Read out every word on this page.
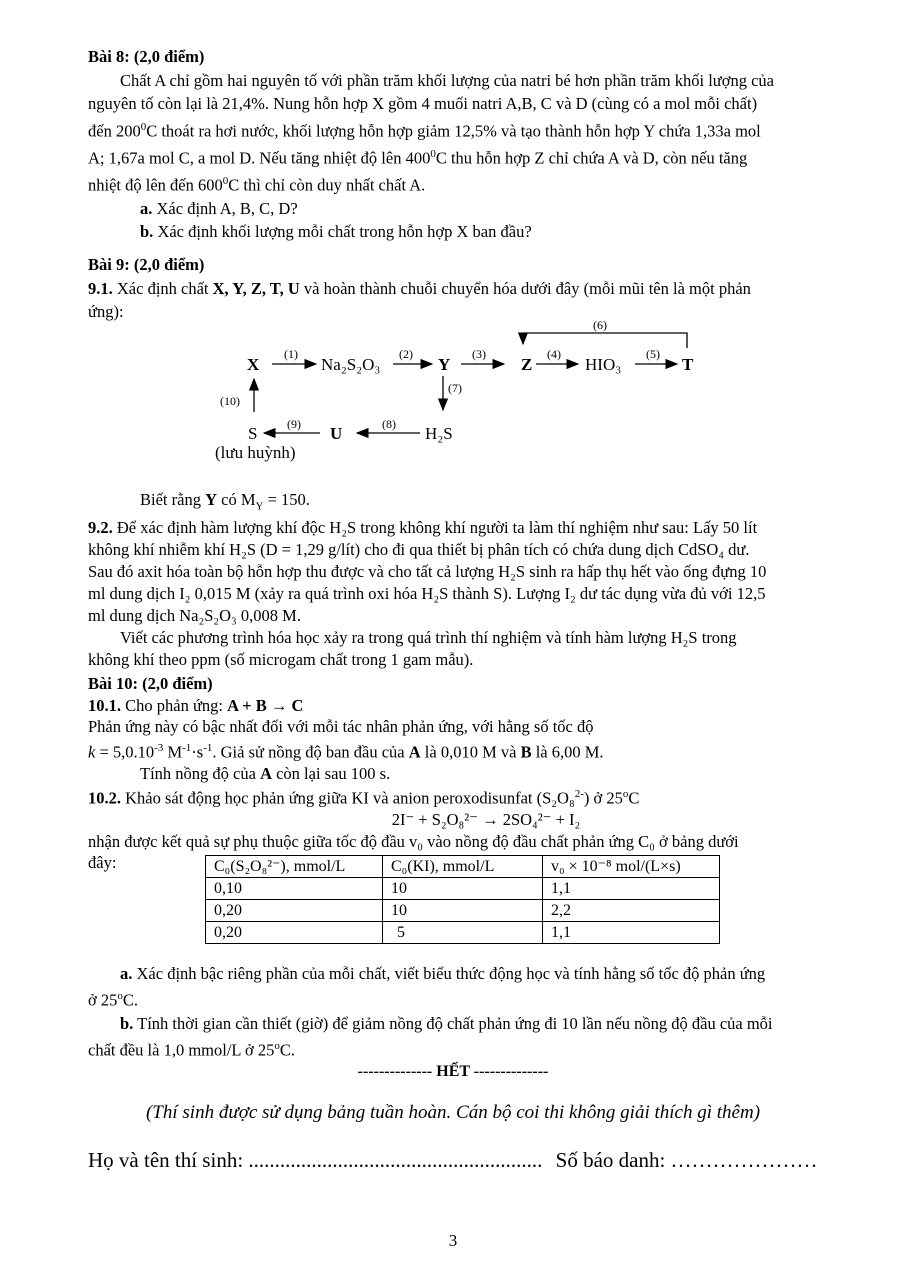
Bài 8: (2,0 điểm)

Chất A chỉ gồm hai nguyên tố với phần trăm khối lượng của natri bé hơn phần trăm khối lượng của

nguyên tố còn lại là 21,4%. Nung hỗn hợp X gồm 4 muối natri A,B, C và D (cùng có a mol mỗi chất)

đến $200^0C$ thoát ra hơi nước, khối lượng hỗn hợp giảm 12,5% và tạo thành hỗn hợp Y chứa 1,33a mol

A; 1,67a mol C, a mol D. Nếu tăng nhiệt độ lên $400^0C$ thu hỗn hợp Z chỉ chứa A và D, còn nếu tăng

nhiệt độ lên đến $600^0C$ thì chỉ còn duy nhất chất A.

a. Xác định A, B, C, D?

b. Xác định khối lượng mỗi chất trong hỗn hợp X ban đầu?

Bài 9: (2,0 điểm)

9.1. Xác định chất X, Y, Z, T, U và hoàn thành chuỗi chuyển hóa dưới đây (mỗi mũi tên là một phản

ứng):

X
(1)
Na₂S₂O₃
(2)
Y
(3)
Z
(4)
HIO₃
(5)
T
(6)
(7)
H₂S
(8)
U
(9)
S
(lưu huỳnh)
(10)

Biết rằng Y có $M_Y = 150$.

9.2. Để xác định hàm lượng khí độc H₂S trong không khí người ta làm thí nghiệm như sau: Lấy 50 lít

không khí nhiễm khí H₂S (D = 1,29 g/lít) cho đi qua thiết bị phân tích có chứa dung dịch CdSO₄ dư.

Sau đó axit hóa toàn bộ hỗn hợp thu được và cho tất cả lượng H₂S sinh ra hấp thụ hết vào ống đựng 10

ml dung dịch I₂ 0,015 M (xảy ra quá trình oxi hóa H₂S thành S). Lượng I₂ dư tác dụng vừa đủ với 12,5

ml dung dịch Na₂S₂O₃ 0,008 M.

Viết các phương trình hóa học xảy ra trong quá trình thí nghiệm và tính hàm lượng H₂S trong

không khí theo ppm (số microgam chất trong 1 gam mẫu).

Bài 10: (2,0 điểm)

10.1. Cho phản ứng: A + B → C

Phản ứng này có bậc nhất đối với mỗi tác nhân phản ứng, với hằng số tốc độ

$k = 5,0.10^{-3}$ $M^{-1}\cdot s^{-1}$. Giả sử nồng độ ban đầu của A là 0,010 M và B là 6,00 M.

Tính nồng độ của A còn lại sau 100 s.

10.2. Khảo sát động học phản ứng giữa KI và anion peroxodisunfat (S₂O₈$^{2-}$) ở 25$^o$C

2I⁻ + S₂O₈²⁻ → 2SO₄²⁻ + I₂

nhận được kết quả sự phụ thuộc giữa tốc độ đầu v₀ vào nồng độ đầu chất phản ứng C₀ ở bảng dưới

đây:	C₀(S₂O₈²⁻), mmol/L	C₀(KI), mmol/L	v₀ × 10⁻⁸ mol/(L×s)
0,10	10	1,1
0,20	10	2,2
0,20	5	1,1

a. Xác định bậc riêng phần của mỗi chất, viết biểu thức động học và tính hằng số tốc độ phản ứng

ở 25$^o$C.

b. Tính thời gian cần thiết (giờ) để giảm nồng độ chất phản ứng đi 10 lần nếu nồng độ đầu của mỗi

chất đều là 1,0 mmol/L ở 25$^o$C.

-------------- HẾT --------------
(Thí sinh được sử dụng bảng tuần hoàn. Cán bộ coi thi không giải thích gì thêm)
Họ và tên thí sinh: ........................................................ Số báo danh: …………………
3
